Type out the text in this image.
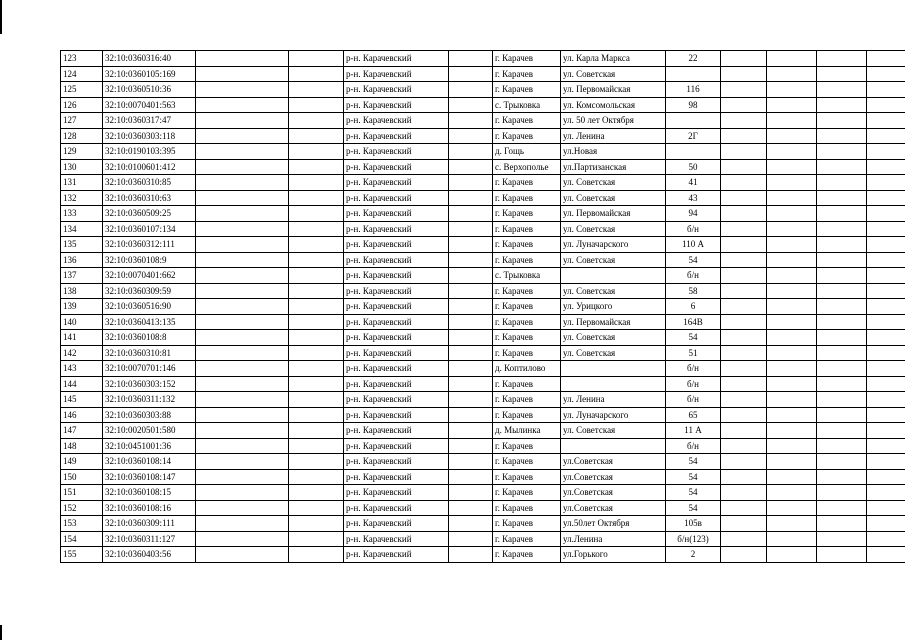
123	32:10:0360316:40			р-н. Карачевский		г. Карачев	ул. Карла Маркса	22				
124	32:10:0360105:169			р-н. Карачевский		г. Карачев	ул. Советская					
125	32:10:0360510:36			р-н. Карачевский		г. Карачев	ул. Первомайская	116				
126	32:10:0070401:563			р-н. Карачевский		с. Трыковка	ул. Комсомольская	98				
127	32:10:0360317:47			р-н. Карачевский		г. Карачев	ул. 50 лет Октября					
128	32:10:0360303:118			р-н. Карачевский		г. Карачев	ул. Ленина	2Г				
129	32:10:0190103:395			р-н. Карачевский		д. Гощь	ул.Новая					
130	32:10:0100601:412			р-н. Карачевский		с. Верхополье	ул.Партизанская	50				
131	32:10:0360310:85			р-н. Карачевский		г. Карачев	ул. Советская	41				
132	32:10:0360310:63			р-н. Карачевский		г. Карачев	ул. Советская	43				
133	32:10:0360509:25			р-н. Карачевский		г. Карачев	ул. Первомайская	94				
134	32:10:0360107:134			р-н. Карачевский		г. Карачев	ул. Советская	б/н				
135	32:10:0360312:111			р-н. Карачевский		г. Карачев	ул. Луначарского	110 А				
136	32:10:0360108:9			р-н. Карачевский		г. Карачев	ул. Советская	54				
137	32:10:0070401:662			р-н. Карачевский		с. Трыковка		б/н				
138	32:10:0360309:59			р-н. Карачевский		г. Карачев	ул. Советская	58				
139	32:10:0360516:90			р-н. Карачевский		г. Карачев	ул. Урицкого	6				
140	32:10:0360413:135			р-н. Карачевский		г. Карачев	ул. Первомайская	164В				
141	32:10:0360108:8			р-н. Карачевский		г. Карачев	ул. Советская	54				
142	32:10:0360310:81			р-н. Карачевский		г. Карачев	ул. Советская	51				
143	32:10:0070701:146			р-н. Карачевский		д. Коптилово		б/н				
144	32:10:0360303:152			р-н. Карачевский		г. Карачев		б/н				
145	32:10:0360311:132			р-н. Карачевский		г. Карачев	ул. Ленина	б/н				
146	32:10:0360303:88			р-н. Карачевский		г. Карачев	ул. Луначарского	65				
147	32:10:0020501:580			р-н. Карачевский		д. Мылинка	ул. Советская	11 А				
148	32:10:0451001:36			р-н. Карачевский		г. Карачев		б/н				
149	32:10:0360108:14			р-н. Карачевский		г. Карачев	ул.Советская	54				
150	32:10:0360108:147			р-н. Карачевский		г. Карачев	ул.Советская	54				
151	32:10:0360108:15			р-н. Карачевский		г. Карачев	ул.Советская	54				
152	32:10:0360108:16			р-н. Карачевский		г. Карачев	ул.Советская	54				
153	32:10:0360309:111			р-н. Карачевский		г. Карачев	ул.50лет Октября	105в				
154	32:10:0360311:127			р-н. Карачевский		г. Карачев	ул.Ленина	б/н(123)				
155	32:10:0360403:56			р-н. Карачевский		г. Карачев	ул.Горького	2				
